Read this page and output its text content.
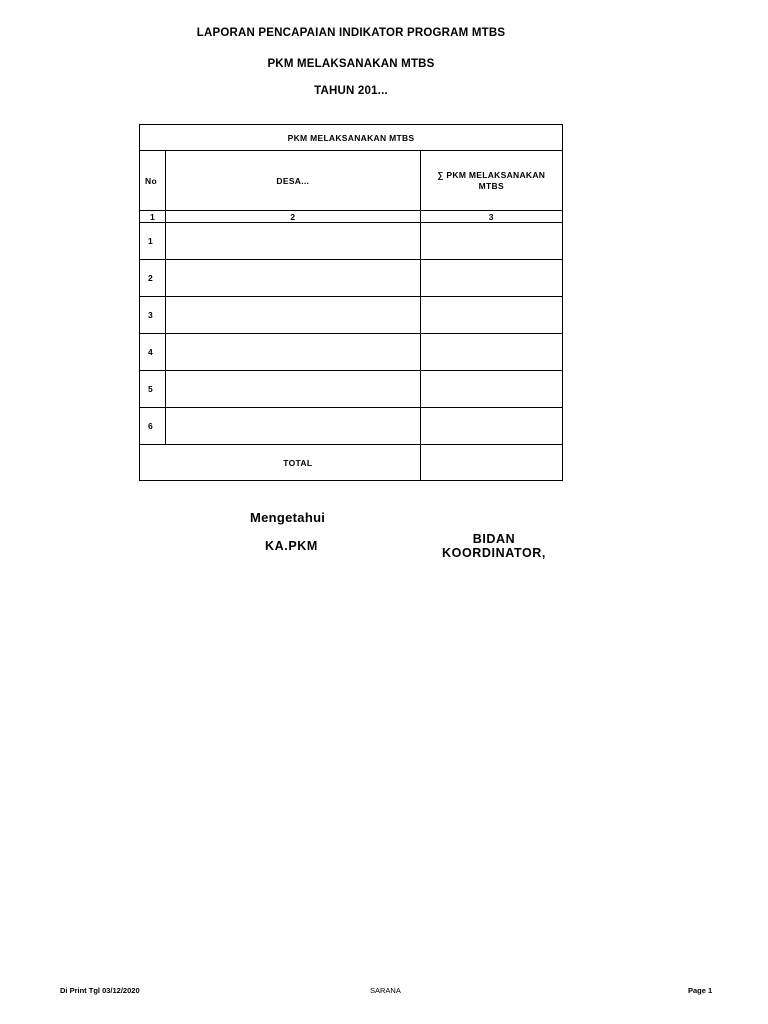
LAPORAN PENCAPAIAN INDIKATOR PROGRAM MTBS
PKM MELAKSANAKAN MTBS
TAHUN 201...
PKM MELAKSANAKAN MTBS		
No	DESA...	∑ PKM MELAKSANAKAN MTBS
1	2	3
1		
2		
3		
4		
5		
6		
TOTAL		
Mengetahui
KA.PKM	BIDAN KOORDINATOR,
Di Print Tgl 03/12/2020	SARANA	Page 1
